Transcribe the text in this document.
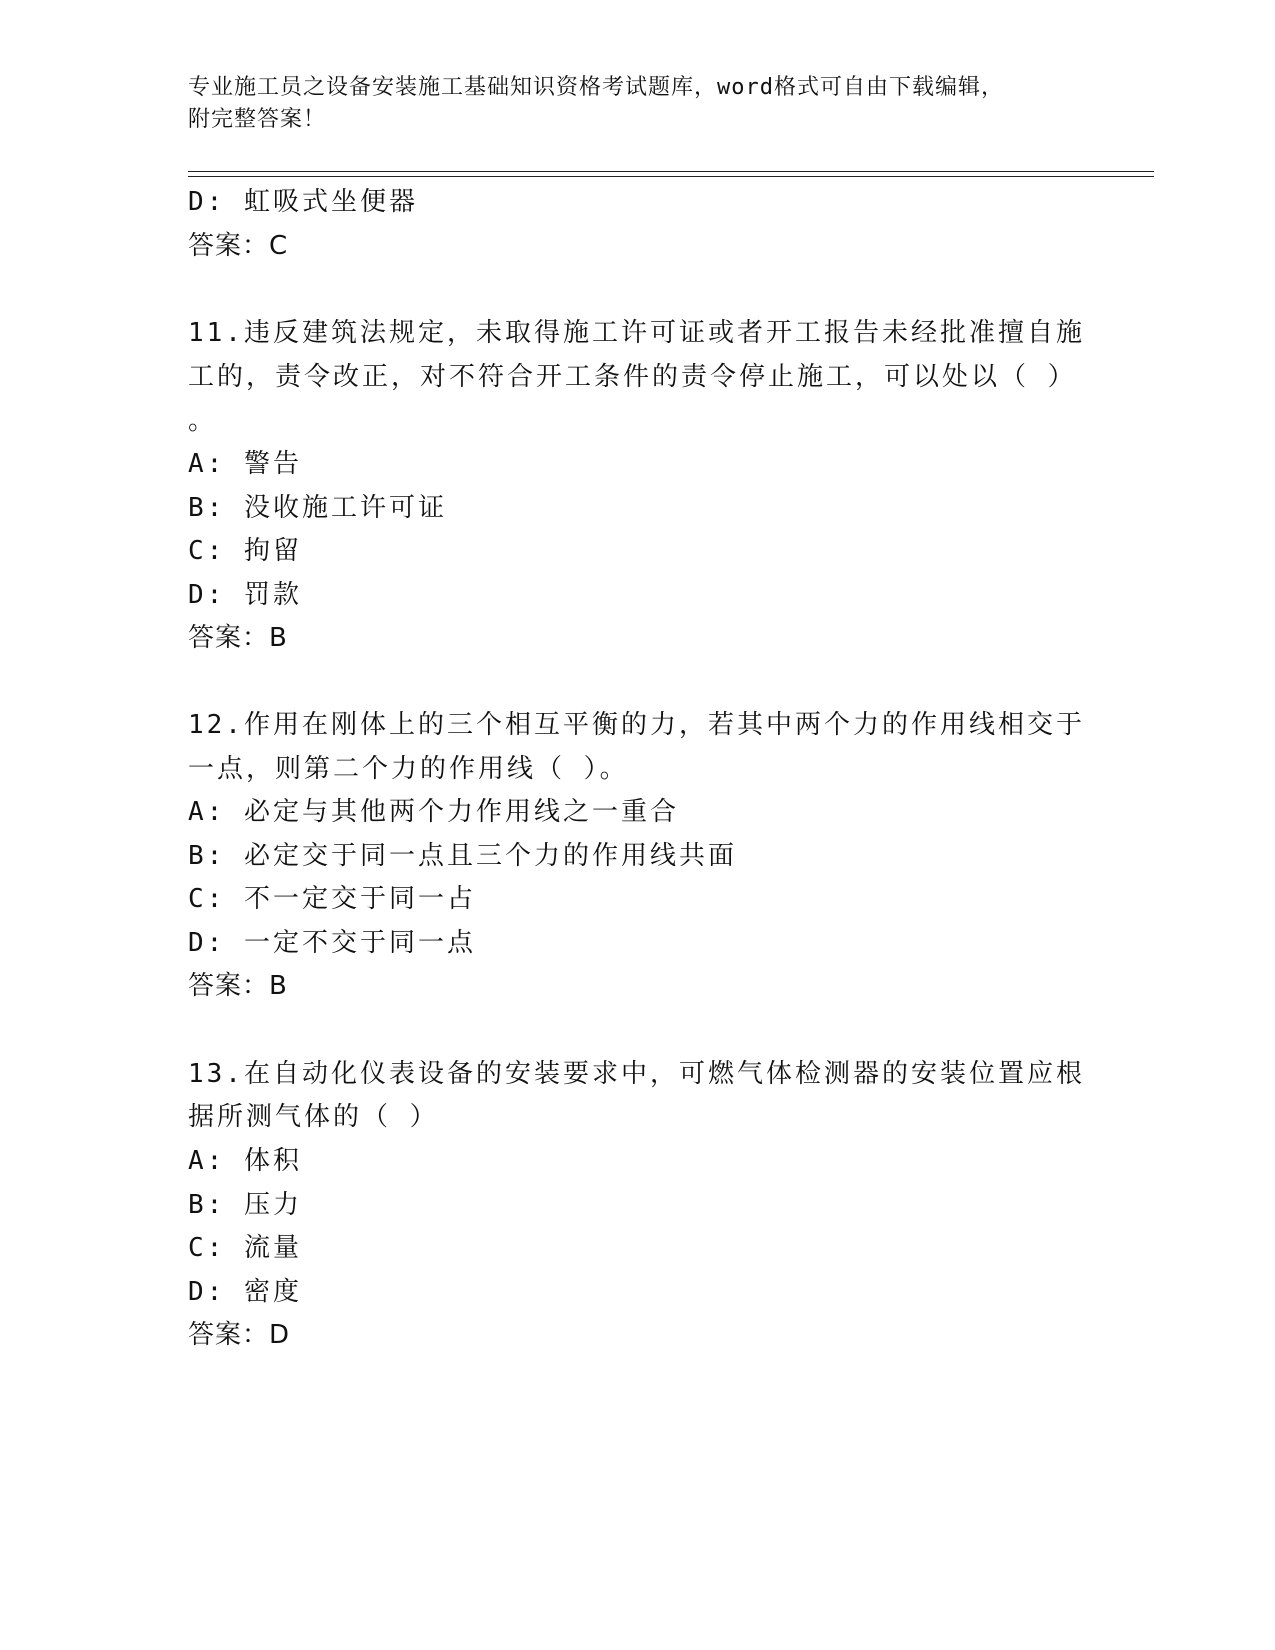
专业施工员之设备安装施工基础知识资格考试题库，word格式可自由下载编辑，
附完整答案！
D: 虹吸式坐便器
答案：C
11.违反建筑法规定，未取得施工许可证或者开工报告未经批准擅自施
工的，责令改正，对不符合开工条件的责令停止施工，可以处以（ ）
。
A: 警告
B: 没收施工许可证
C: 拘留
D: 罚款
答案：B
12.作用在刚体上的三个相互平衡的力，若其中两个力的作用线相交于
一点，则第二个力的作用线（ ）。
A: 必定与其他两个力作用线之一重合
B: 必定交于同一点且三个力的作用线共面
C: 不一定交于同一占
D: 一定不交于同一点
答案：B
13.在自动化仪表设备的安装要求中，可燃气体检测器的安装位置应根
据所测气体的（ ）
A: 体积
B: 压力
C: 流量
D: 密度
答案：D
